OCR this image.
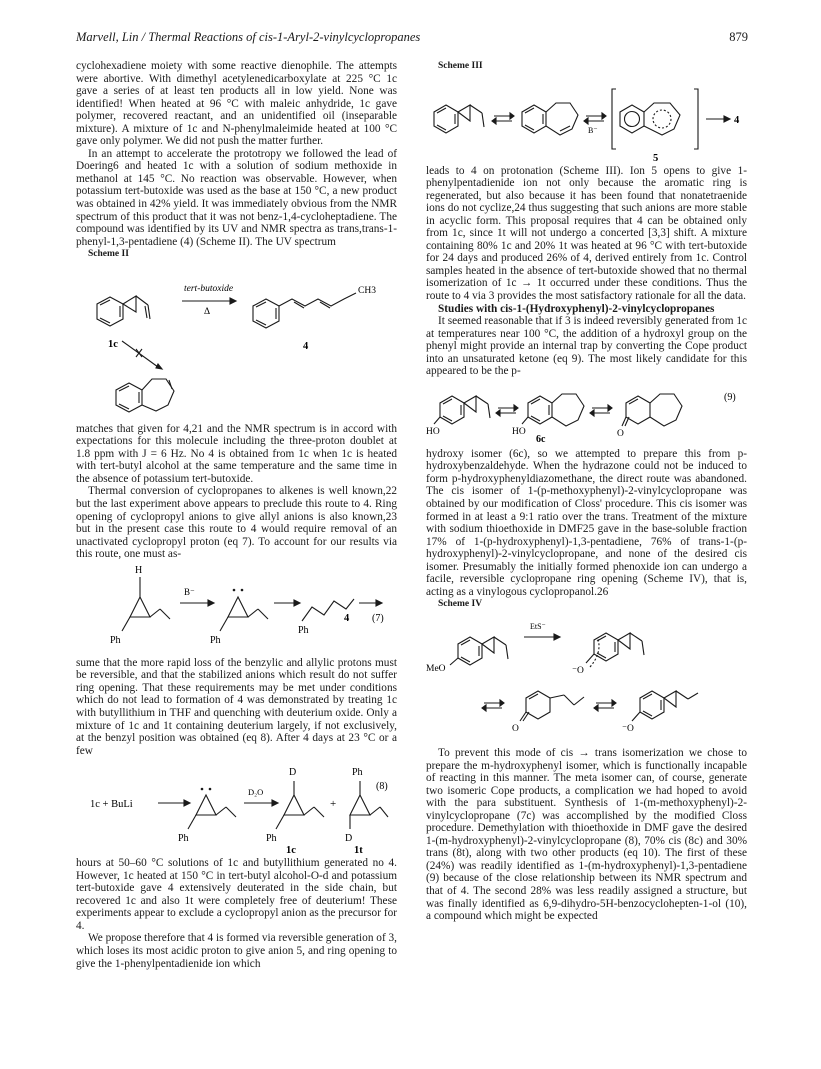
Marvell, Lin / Thermal Reactions of cis-1-Aryl-2-vinylcyclopropanes	879

cyclohexadiene moiety with some reactive dienophile. The attempts were abortive. With dimethyl acetylenedicarboxylate at 225 °C 1c gave a series of at least ten products all in low yield. None was identified! When heated at 96 °C with maleic anhydride, 1c gave polymer, recovered reactant, and an unidentified oil (inseparable mixture). A mixture of 1c and N-phenylmaleimide heated at 100 °C gave only polymer. We did not push the matter further.

In an attempt to accelerate the prototropy we followed the lead of Doering6 and heated 1c with a solution of sodium methoxide in methanol at 145 °C. No reaction was observable. However, when potassium tert-butoxide was used as the base at 150 °C, a new product was obtained in 42% yield. It was immediately obvious from the NMR spectrum of this product that it was not benz-1,4-cycloheptadiene. The compound was identified by its UV and NMR spectra as trans,trans-1-phenyl-1,3-pentadiene (4) (Scheme II). The UV spectrum

Scheme II

tert-butoxide
Δ
1c	4
CH3

matches that given for 4,21 and the NMR spectrum is in accord with expectations for this molecule including the three-proton doublet at 1.8 ppm with J = 6 Hz. No 4 is obtained from 1c when 1c is heated with tert-butyl alcohol at the same temperature and the same time in the absence of potassium tert-butoxide.

Thermal conversion of cyclopropanes to alkenes is well known,22 but the last experiment above appears to preclude this route to 4. Ring opening of cyclopropyl anions to give allyl anions is also known,23 but in the present case this route to 4 would require removal of an unactivated cyclopropyl proton (eq 7). To account for our results via this route, one must as-

H
B⁻
Ph	Ph
Ph
4 (7)

sume that the more rapid loss of the benzylic and allylic protons must be reversible, and that the stabilized anions which result do not suffer ring opening. That these requirements may be met under conditions which do not lead to formation of 4 was demonstrated by treating 1c with butyllithium in THF and quenching with deuterium oxide. Only a mixture of 1c and 1t containing deuterium largely, if not exclusively, at the benzyl position was obtained (eq 8). After 4 days at 23 °C or a few

1c + BuLi
D₂O
+
D
D
Ph	Ph
Ph
1c	1t
(8)

hours at 50–60 °C solutions of 1c and butyllithium generated no 4. However, 1c heated at 150 °C in tert-butyl alcohol-O-d and potassium tert-butoxide gave 4 extensively deuterated in the side chain, but recovered 1c and also 1t were completely free of deuterium! These experiments appear to exclude a cyclopropyl anion as the precursor for 4.

We propose therefore that 4 is formed via reversible generation of 3, which loses its most acidic proton to give anion 5, and ring opening to give the 1-phenylpentadienide ion which

Scheme III

B⁻
4
5

leads to 4 on protonation (Scheme III). Ion 5 opens to give 1-phenylpentadienide ion not only because the aromatic ring is regenerated, but also because it has been found that nonatetraenide ions do not cyclize,24 thus suggesting that such anions are more stable in acyclic form. This proposal requires that 4 can be obtained only from 1c, since 1t will not undergo a concerted [3,3] shift. A mixture containing 80% 1c and 20% 1t was heated at 96 °C with tert-butoxide for 24 days and produced 26% of 4, derived entirely from 1c. Control samples heated in the absence of tert-butoxide showed that no thermal isomerization of 1c → 1t occurred under these conditions. Thus the route to 4 via 3 provides the most satisfactory rationale for all the data.

Studies with cis-1-(Hydroxyphenyl)-2-vinylcyclopropanes

It seemed reasonable that if 3 is indeed reversibly generated from 1c at temperatures near 100 °C, the addition of a hydroxyl group on the phenyl might provide an internal trap by converting the Cope product into an unsaturated ketone (eq 9). The most likely candidate for this appeared to be the p-

HO	HO	O
6c
(9)

hydroxy isomer (6c), so we attempted to prepare this from p-hydroxybenzaldehyde. When the hydrazone could not be induced to form p-hydroxyphenyldiazomethane, the direct route was abandoned. The cis isomer of 1-(p-methoxyphenyl)-2-vinylcyclopropane was obtained by our modification of Closs' procedure. This cis isomer was formed in at least a 9:1 ratio over the trans. Treatment of the mixture with sodium thioethoxide in DMF25 gave in the base-soluble fraction 17% of 1-(p-hydroxyphenyl)-1,3-pentadiene, 76% of trans-1-(p-hydroxyphenyl)-2-vinylcyclopropane, and none of the desired cis isomer. Presumably the initially formed phenoxide ion can undergo a facile, reversible cyclopropane ring opening (Scheme IV), that is, acting as a vinylogous cyclopropanol.26

Scheme IV

MeO
EtS⁻
⁻O
O	⁻O

To prevent this mode of cis → trans isomerization we chose to prepare the m-hydroxyphenyl isomer, which is functionally incapable of reacting in this manner. The meta isomer can, of course, generate two isomeric Cope products, a complication we had hoped to avoid with the para substituent. Synthesis of 1-(m-methoxyphenyl)-2-vinylcyclopropane (7c) was accomplished by the modified Closs procedure. Demethylation with thioethoxide in DMF gave the desired 1-(m-hydroxyphenyl)-2-vinylcyclopropane (8), 70% cis (8c) and 30% trans (8t), along with two other products (eq 10). The first of these (24%) was readily identified as 1-(m-hydroxyphenyl)-1,3-pentadiene (9) because of the close relationship between its NMR spectrum and that of 4. The second 28% was less readily assigned a structure, but was finally identified as 6,9-dihydro-5H-benzocyclohepten-1-ol (10), a compound which might be expected
